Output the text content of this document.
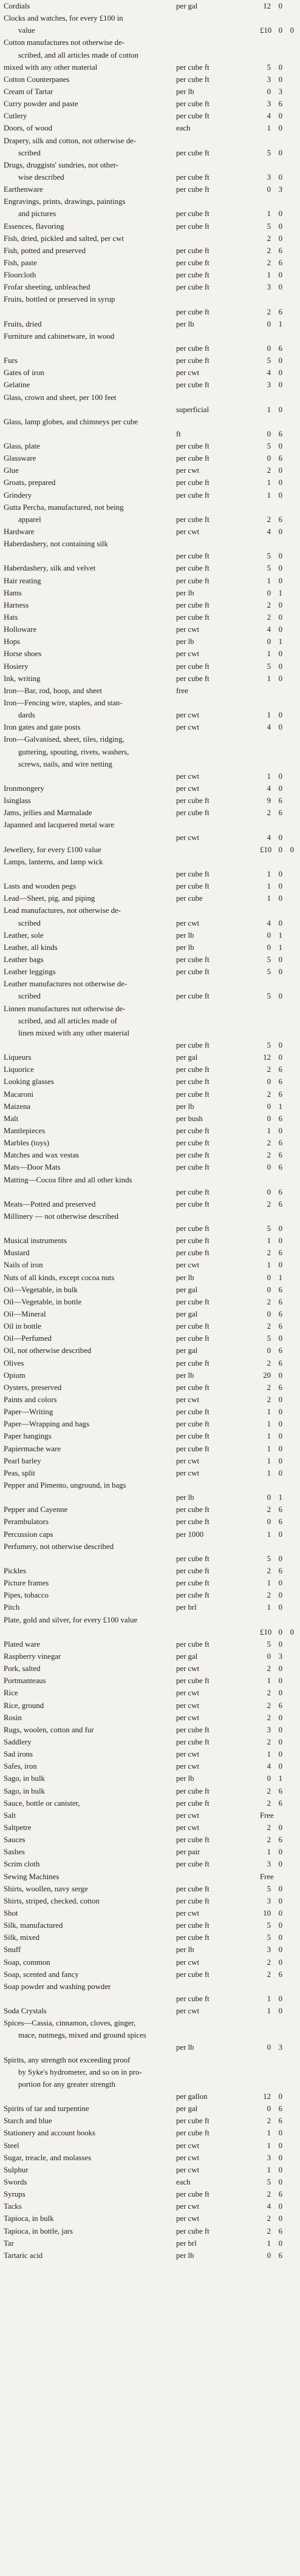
Cordials	per gal	12 0
Clocks and watches, for every £100 in
value	£10 0 0
Cotton manufactures not otherwise de-
scribed, and all articles made of cotton
mixed with any other material	per cube ft	5 0
Cotton Counterpanes	per cube ft	3 0
Cream of Tartar	per lb	0 3
Curry powder and paste	per cube ft	3 6
Cutlery	per cube ft	4 0
Doors, of wood	each	1 0
Drapery, silk and cotton, not otherwise de-
scribed	per cube ft	5 0
Drugs, druggists' sundries, not other-
wise described	per cube ft	3 0
Earthenware	per cube ft	0 3
Engravings, prints, drawings, paintings
and pictures	per cube ft	1 0
Essences, flavoring	per cube ft	5 0
Fish, dried, pickled and salted, per cwt	2 0
Fish, potted and preserved	per cube ft	2 6
Fish, paste	per cube ft	2 6
Floorcloth	per cube ft	1 0
Frofar sheeting, unbleached	per cube ft	3 0
Fruits, bottled or preserved in syrup
per cube ft	2 6
Fruits, dried	per lb	0 1
Furniture and cabinetware, in wood
per cube ft	0 6
Furs	per cube ft	5 0
Gates of iron	per cwt	4 0
Gelatine	per cube ft	3 0
Glass, crown and sheet, per 100 feet
superficial	1 0
Glass, lamp globes, and chimneys per cube
ft	0 6
Glass, plate	per cube ft	5 0
Glassware	per cube ft	0 6
Glue	per cwt	2 0
Groats, prepared	per cube ft	1 0
Grindery	per cube ft	1 0
Gutta Percha, manufactured, not being
apparel	per cube ft	2 6
Hardware	per cwt	4 0
Haberdashery, not containing silk
per cube ft	5 0
Haberdashery, silk and velvet	per cube ft	5 0
Hair reating	per cube ft	1 0
Hams	per lb	0 1
Harness	per cube ft	2 0
Hats	per cube ft	2 0
Holloware	per cwt	4 0
Hops	per lb	0 1
Horse shoes	per cwt	1 0
Hosiery	per cube ft	5 0
Ink, writing	per cube ft	1 0
Iron—Bar, rod, hoop, and sheet	free
Iron—Fencing wire, staples, and stan-
dards	per cwt	1 0
Iron gates and gate posts	per cwt	4 0
Iron—Galvanised, sheet, tiles, ridging,
guttering, spouting, rivets, washers,
screws, nails, and wire netting
per cwt	1 0
Ironmongery	per cwt	4 0
Isinglass	per cube ft	9 6
Jams, jellies and Marmalade	per cube ft	2 6
Japanned and lacquered metal ware
per cwt	4 0
Jewellery, for every £100 value	£10 0 0
Lamps, lanterns, and lamp wick
per cube ft	1 0
Lasts and wooden pegs	per cube ft	1 0
Lead—Sheet, pig, and piping	per cube	1 0
Lead manufactures, not otherwise de-
scribed	per cwt	4 0
Leather, sole	per lb	0 1
Leather, all kinds	per lb	0 1
Leather bags	per cube ft	5 0
Leather leggings	per cube ft	5 0
Leather manufactures not otherwise de-
scribed	per cube ft	5 0
Linnen manufactures not otherwise de-
scribed, and all articles made of
linen mixed with any other material
per cube ft	5 0
Liqueurs	per gal	12 0
Liquorice	per cube ft	2 6
Looking glasses	per cube ft	0 6
Macaroni	per cube ft	2 6
Maizena	per lb	0 1
Malt	per bush	0 6
Mantlepieces	per cube ft	1 0
Marbles (toys)	per cube ft	2 6
Matches and wax vestas	per cube ft	2 6
Mats—Door Mats	per cube ft	0 6
Matting—Cocoa fibre and all other kinds
per cube ft	0 6
Meats—Potted and preserved	per cube ft	2 6
Millinery — not otherwise described
per cube ft	5 0
Musical instruments	per cube ft	1 0
Mustard	per cube ft	2 6
Nails of iron	per cwt	1 0
Nuts of all kinds, except cocoa nuts	per lb	0 1
Oil—Vegetable, in bulk	per gal	0 6
Oil—Vegetable, in bottle	per cube ft	2 6
Oil—Mineral	per gal	0 6
Oil in bottle	per cube ft	2 6
Oil—Perfumed	per cube ft	5 0
Oil, not otherwise described	per gal	0 6
Olives	per cube ft	2 6
Opium	per lb	20 0
Oysters, preserved	per cube ft	2 6
Paints and colors	per cwt	2 0
Paper—Writing	per cube ft	1 0
Paper—Wrapping and bags	per cube ft	1 0
Paper hangings	per cube ft	1 0
Papiermache ware	per cube ft	1 0
Pearl barley	per cwt	1 0
Peas, split	per cwt	1 0
Pepper and Pimento, unground, in bags
per lb	0 1
Pepper and Cayenne	per cube ft	2 6
Perambulators	per cube ft	0 6
Percussion caps	per 1000	1 0
Perfumery, not otherwise described
per cube ft	5 0
Pickles	per cube ft	2 6
Picture frames	per cube ft	1 0
Pipes, tobacco	per cube ft	2 0
Pitch	per brl	1 0
Plate, gold and silver, for every £100 value
£10 0 0
Plated ware	per cube ft	5 0
Raspberry vinegar	per gal	0 3
Pork, salted	per cwt	2 0
Portmanteaus	per cube ft	1 0
Rice	per cwt	2 0
Rice, ground	per cwt	2 6
Rosin	per cwt	2 0
Rugs, woolen, cotton and fur	per cube ft	3 0
Saddlery	per cube ft	2 0
Sad irons	per cwt	1 0
Safes, iron	per cwt	4 0
Sago, in bulk	per lb	0 1
Sago, in bulk	per cube ft	2 6
Sauce, bottle or canister,	per cube ft	2 6
Salt	per cwt	Free
Saltpetre	per cwt	2 0
Sauces	per cube ft	2 6
Sashes	per pair	1 0
Scrim cloth	per cube ft	3 0
Sewing Machines	Free
Shirts, woollen, navy serge	per cube ft	5 0
Shirts, striped, checked, cotton	per cube ft	3 0
Shot	per cwt	10 0
Silk, manufactured	per cube ft	5 0
Silk, mixed	per cube ft	5 0
Snuff	per lb	3 0
Soap, common	per cwt	2 0
Soap, scented and fancy	per cube ft	2 6
Soap powder and washing powder
per cube ft	1 0
Soda Crystals	per cwt	1 0
Spices—Cassia, cinnamon, cloves, ginger,
mace, nutmegs, mixed and ground spices
per lb	0 3
Spirits, any strength not exceeding proof
by Syke's hydrometer, and so on in pro-
portion for any greater strength
per gallon	12 0
Spirits of tar and turpentine	per gal	0 6
Starch and blue	per cube ft	2 6
Stationery and account books	per cube ft	1 0
Steel	per cwt	1 0
Sugar, treacle, and molasses	per cwt	3 0
Sulphur	per cwt	1 0
Swords	each	5 0
Syrups	per cube ft	2 6
Tacks	per cwt	4 0
Tapioca, in bulk	per cwt	2 0
Tapioca, in bottle, jars	per cube ft	2 6
Tar	per brl	1 0
Tartaric acid	per lb	0 6
